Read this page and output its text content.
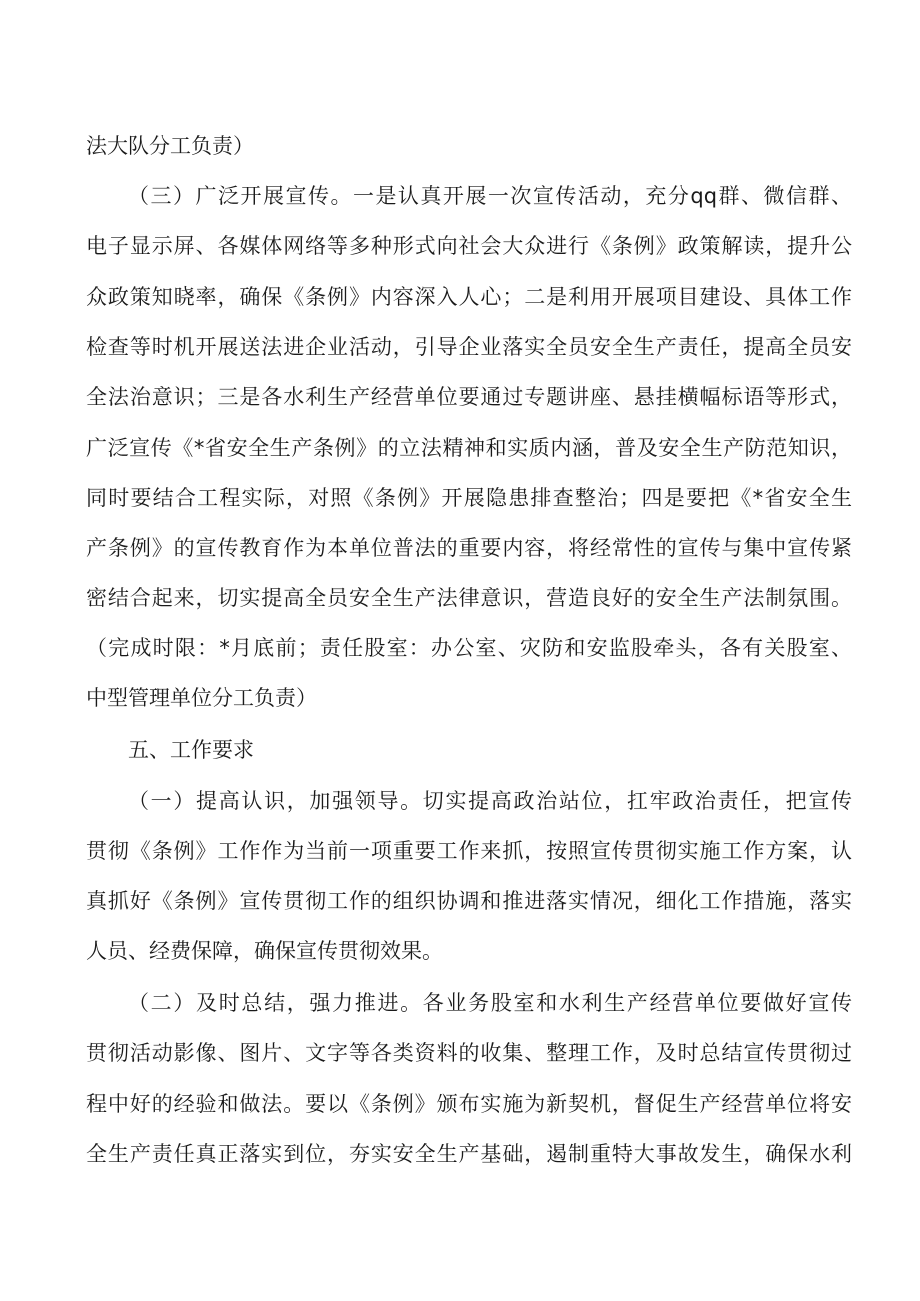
法大队分工负责）
（三）广泛开展宣传。一是认真开展一次宣传活动，充分qq群、微信群、
电子显示屏、各媒体网络等多种形式向社会大众进行《条例》政策解读，提升公
众政策知晓率，确保《条例》内容深入人心；二是利用开展项目建设、具体工作
检查等时机开展送法进企业活动，引导企业落实全员安全生产责任，提高全员安
全法治意识；三是各水利生产经营单位要通过专题讲座、悬挂横幅标语等形式，
广泛宣传《*省安全生产条例》的立法精神和实质内涵，普及安全生产防范知识，
同时要结合工程实际，对照《条例》开展隐患排查整治；四是要把《*省安全生
产条例》的宣传教育作为本单位普法的重要内容，将经常性的宣传与集中宣传紧
密结合起来，切实提高全员安全生产法律意识，营造良好的安全生产法制氛围。
（完成时限：*月底前；责任股室：办公室、灾防和安监股牵头，各有关股室、
中型管理单位分工负责）
五、工作要求
（一）提高认识，加强领导。切实提高政治站位，扛牢政治责任，把宣传
贯彻《条例》工作作为当前一项重要工作来抓，按照宣传贯彻实施工作方案，认
真抓好《条例》宣传贯彻工作的组织协调和推进落实情况，细化工作措施，落实
人员、经费保障，确保宣传贯彻效果。
（二）及时总结，强力推进。各业务股室和水利生产经营单位要做好宣传
贯彻活动影像、图片、文字等各类资料的收集、整理工作，及时总结宣传贯彻过
程中好的经验和做法。要以《条例》颁布实施为新契机，督促生产经营单位将安
全生产责任真正落实到位，夯实安全生产基础，遏制重特大事故发生，确保水利
